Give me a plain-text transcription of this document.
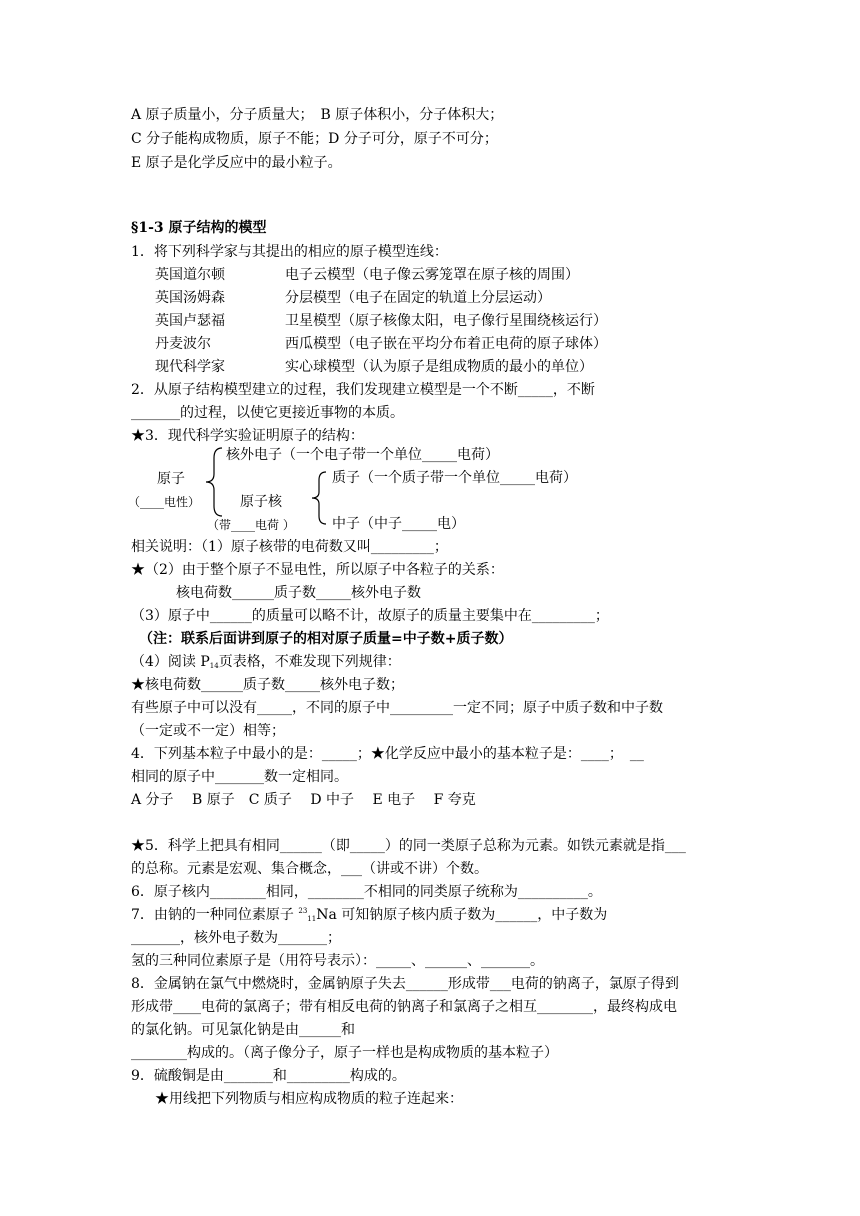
A 原子质量小，分子质量大；　B 原子体积小，分子体积大；
C 分子能构成物质，原子不能；D 分子可分，原子不可分；
E 原子是化学反应中的最小粒子。
§1-3 原子结构的模型
1．将下列科学家与其提出的相应的原子模型连线：
英国道尔顿	电子云模型（电子像云雾笼罩在原子核的周围）
英国汤姆森	分层模型（电子在固定的轨道上分层运动）
英国卢瑟福	卫星模型（原子核像太阳，电子像行星围绕核运行）
丹麦波尔	西瓜模型（电子嵌在平均分布着正电荷的原子球体）
现代科学家	实心球模型（认为原子是组成物质的最小的单位）
2．从原子结构模型建立的过程，我们发现建立模型是一个不断_____，不断
_______的过程，以使它更接近事物的本质。
★3．现代科学实验证明原子的结构：
核外电子（一个电子带一个单位_____电荷）
原子
（____电性）	原子核
质子（一个质子带一个单位_____电荷）
中子（中子_____电）
（带____电荷 ）
相关说明：（1）原子核带的电荷数又叫_________；
★（2）由于整个原子不显电性，所以原子中各粒子的关系：
核电荷数______质子数_____核外电子数
（3）原子中______的质量可以略不计，故原子的质量主要集中在_________；
（注：联系后面讲到原子的相对原子质量=中子数+质子数）
（4）阅读 P14页表格，不难发现下列规律：
★核电荷数______质子数_____核外电子数；
有些原子中可以没有_____，不同的原子中_________一定不同；原子中质子数和中子数
（一定或不一定）相等；
4．下列基本粒子中最小的是：_____；★化学反应中最小的基本粒子是：____；　__
相同的原子中_______数一定相同。
A 分子　 B 原子　C 质子　 D 中子　 E 电子　 F 夸克
★5．科学上把具有相同______（即_____）的同一类原子总称为元素。如铁元素就是指___
的总称。元素是宏观、集合概念，___（讲或不讲）个数。
6．原子核内________相同，________不相同的同类原子统称为__________。
7．由钠的一种同位素原子 $^{23}$11Na 可知钠原子核内质子数为______，中子数为
_______，核外电子数为_______；
氢的三种同位素原子是（用符号表示）：_____、______、_______。
8．金属钠在氯气中燃烧时，金属钠原子失去______形成带___电荷的钠离子，氯原子得到
形成带____电荷的氯离子；带有相反电荷的钠离子和氯离子之相互________，最终构成电
的氯化钠。可见氯化钠是由______和
________构成的。（离子像分子，原子一样也是构成物质的基本粒子）
9．硫酸铜是由_______和_________构成的。
★用线把下列物质与相应构成物质的粒子连起来：
